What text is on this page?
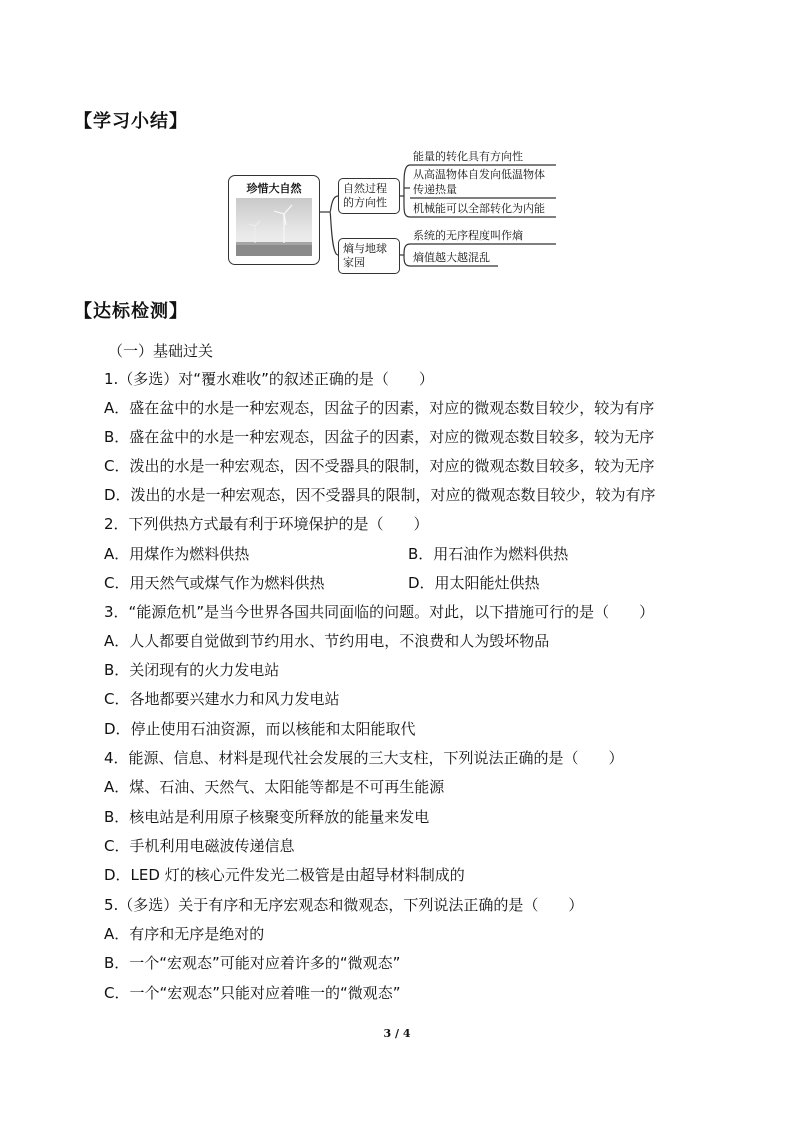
【学习小结】
珍惜大自然	自然过程的方向性
熵与地球家园
能量的转化具有方向性
从高温物体自发向低温物体
传递热量
机械能可以全部转化为内能
系统的无序程度叫作熵
熵值越大越混乱
【达标检测】
（一）基础过关
1.（多选）对“覆水难收”的叙述正确的是（　　）
A．盛在盆中的水是一种宏观态，因盆子的因素，对应的微观态数目较少，较为有序
B．盛在盆中的水是一种宏观态，因盆子的因素，对应的微观态数目较多，较为无序
C．泼出的水是一种宏观态，因不受器具的限制，对应的微观态数目较多，较为无序
D．泼出的水是一种宏观态，因不受器具的限制，对应的微观态数目较少，较为有序
2．下列供热方式最有利于环境保护的是（　　）
A．用煤作为燃料供热	B．用石油作为燃料供热
C．用天然气或煤气作为燃料供热	D．用太阳能灶供热
3．“能源危机”是当今世界各国共同面临的问题。对此，以下措施可行的是（　　）
A．人人都要自觉做到节约用水、节约用电，不浪费和人为毁坏物品
B．关闭现有的火力发电站
C．各地都要兴建水力和风力发电站
D．停止使用石油资源，而以核能和太阳能取代
4．能源、信息、材料是现代社会发展的三大支柱，下列说法正确的是（　　）
A．煤、石油、天然气、太阳能等都是不可再生能源
B．核电站是利用原子核聚变所释放的能量来发电
C．手机利用电磁波传递信息
D．LED 灯的核心元件发光二极管是由超导材料制成的
5.（多选）关于有序和无序宏观态和微观态，下列说法正确的是（　　）
A．有序和无序是绝对的
B．一个“宏观态”可能对应着许多的“微观态”
C．一个“宏观态”只能对应着唯一的“微观态”
3 / 4
